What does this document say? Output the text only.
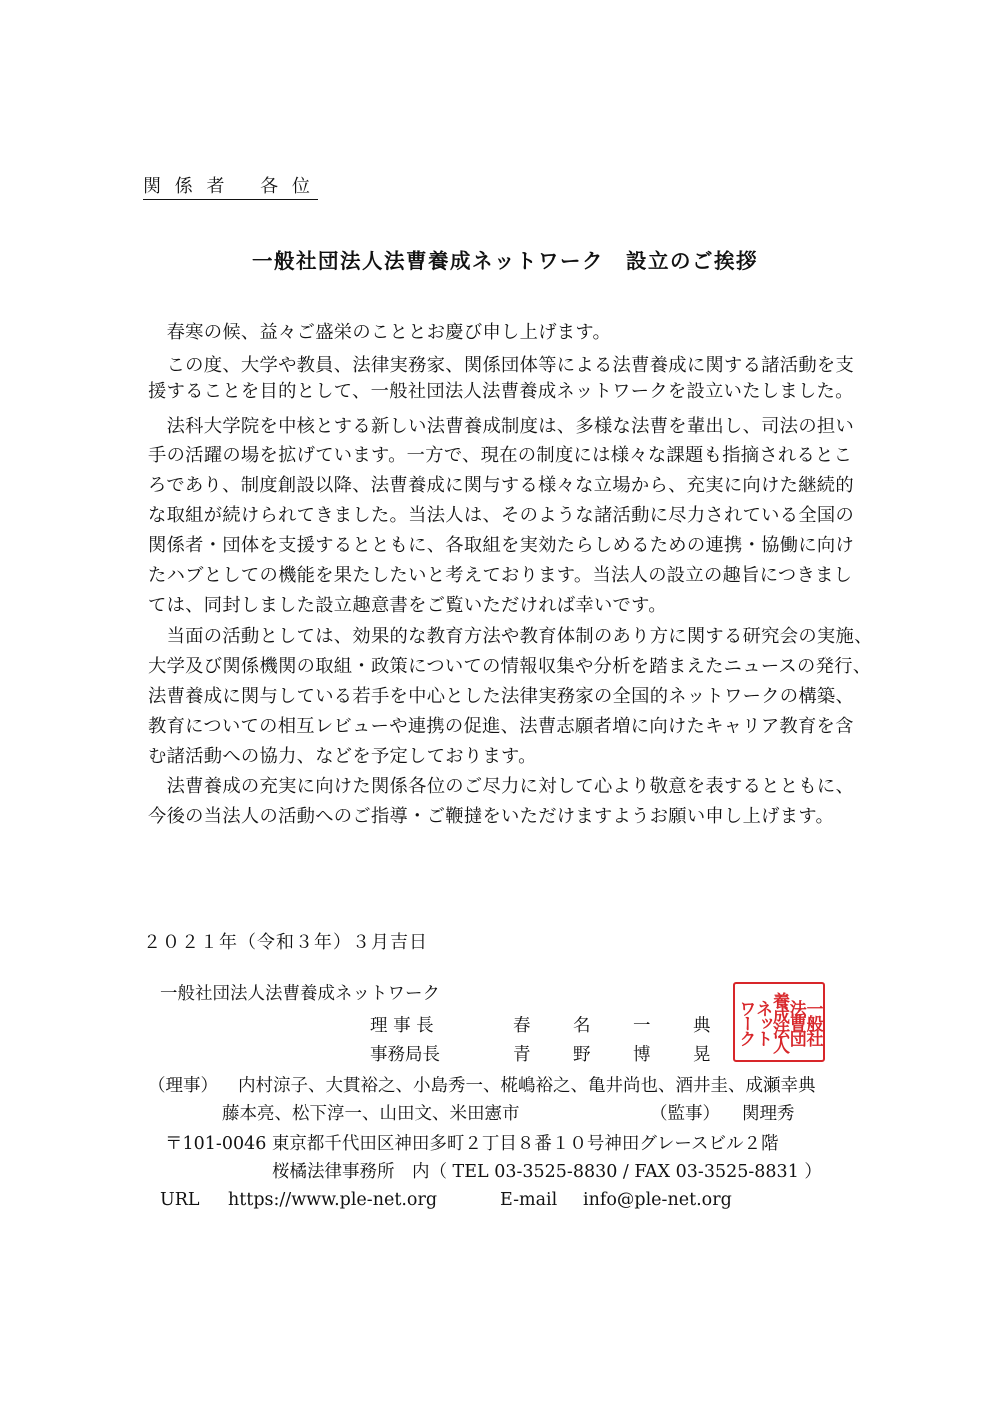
関 係 者　 各 位
一般社団法人法曹養成ネットワーク　設立のご挨拶
　春寒の候、益々ご盛栄のこととお慶び申し上げます。
　この度、大学や教員、法律実務家、関係団体等による法曹養成に関する諸活動を支
援することを目的として、一般社団法人法曹養成ネットワークを設立いたしました。
　法科大学院を中核とする新しい法曹養成制度は、多様な法曹を輩出し、司法の担い
手の活躍の場を拡げています。一方で、現在の制度には様々な課題も指摘されるとこ
ろであり、制度創設以降、法曹養成に関与する様々な立場から、充実に向けた継続的
な取組が続けられてきました。当法人は、そのような諸活動に尽力されている全国の
関係者・団体を支援するとともに、各取組を実効たらしめるための連携・協働に向け
たハブとしての機能を果たしたいと考えております。当法人の設立の趣旨につきまし
ては、同封しました設立趣意書をご覧いただければ幸いです。
　当面の活動としては、効果的な教育方法や教育体制のあり方に関する研究会の実施、
大学及び関係機関の取組・政策についての情報収集や分析を踏まえたニュースの発行、
法曹養成に関与している若手を中心とした法律実務家の全国的ネットワークの構築、
教育についての相互レビューや連携の促進、法曹志願者増に向けたキャリア教育を含
む諸活動への協力、などを予定しております。
　法曹養成の充実に向けた関係各位のご尽力に対して心より敬意を表するとともに、
今後の当法人の活動へのご指導・ご鞭撻をいただけますようお願い申し上げます。
２０２１年（令和３年）３月吉日
一般社団法人法曹養成ネットワーク
理 事 長	春 名 一 典
事務局長	青 野 博 晃
一般社
法曹団
養成法人
ネット
ワーク
（理事） 内村涼子、大貫裕之、小島秀一、椛嶋裕之、亀井尚也、酒井圭、成瀬幸典
藤本亮、松下淳一、山田文、米田憲市	（監事） 関理秀
〒101-0046 東京都千代田区神田多町２丁目８番１０号神田グレースビル２階
桜橘法律事務所　内（ TEL 03-3525-8830 / FAX 03-3525-8831 ）
URL https://www.ple-net.org	E-mail info@ple-net.org
